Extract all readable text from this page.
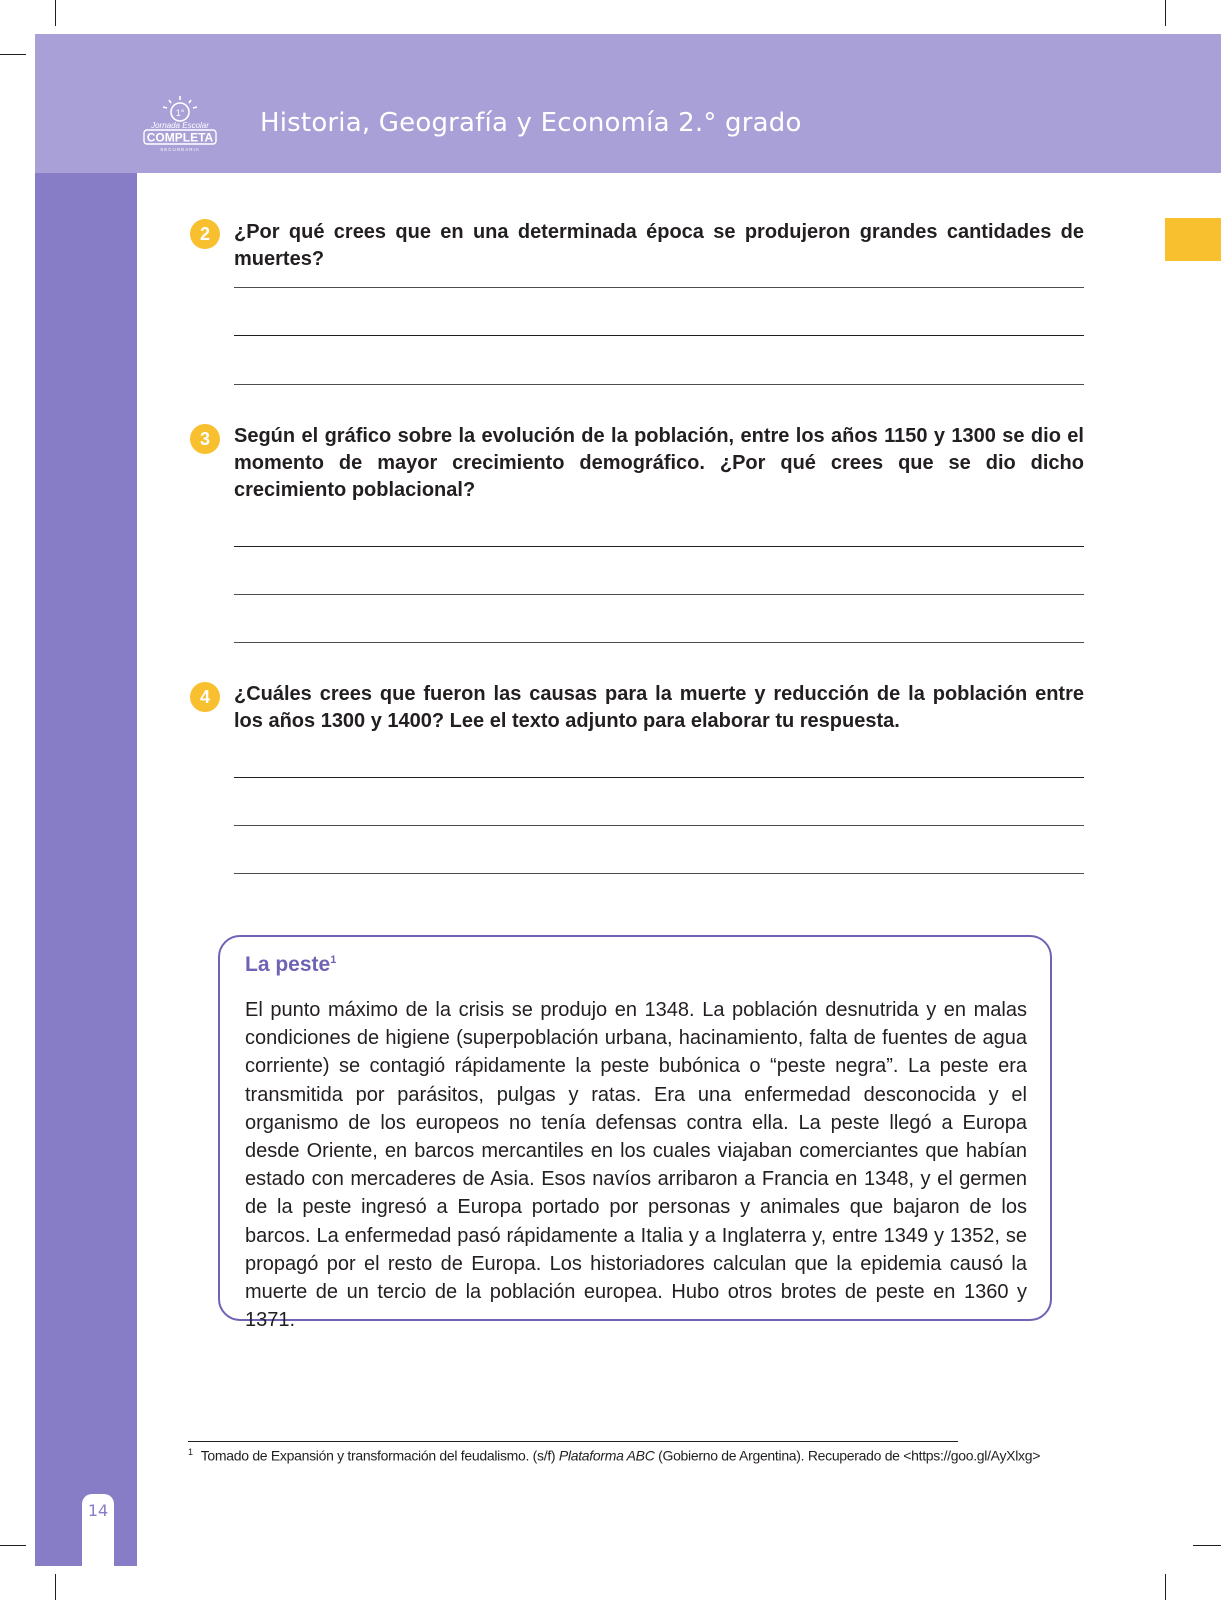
1°
Jornada Escolar
COMPLETA
SECUNDARIA
Historia, Geografía y Economía 2.° grado
14
2	¿Por qué crees que en una determinada época se produjeron grandes cantidades de muertes?
3	Según el gráfico sobre la evolución de la población, entre los años 1150 y 1300 se dio el momento de mayor crecimiento demográfico. ¿Por qué crees que se dio dicho crecimiento poblacional?
4	¿Cuáles crees que fueron las causas para la muerte y reducción de la población entre los años 1300 y 1400? Lee el texto adjunto para elaborar tu respuesta.
La peste$^1$
El punto máximo de la crisis se produjo en 1348. La población desnutrida y en malas condiciones de higiene (superpoblación urbana, hacinamiento, falta de fuentes de agua corriente) se contagió rápidamente la peste bubónica o “peste negra”. La peste era transmitida por parásitos, pulgas y ratas. Era una enfermedad desconocida y el organismo de los europeos no tenía defensas contra ella. La peste llegó a Europa desde Oriente, en barcos mercantiles en los cuales viajaban comerciantes que habían estado con mercaderes de Asia. Esos navíos arribaron a Francia en 1348, y el germen de la peste ingresó a Europa portado por personas y animales que bajaron de los barcos. La enfermedad pasó rápidamente a Italia y a Inglaterra y, entre 1349 y 1352, se propagó por el resto de Europa. Los historiadores calculan que la epidemia causó la muerte de un tercio de la población europea. Hubo otros brotes de peste en 1360 y 1371.
$^1$ Tomado de Expansión y transformación del feudalismo. (s/f) Plataforma ABC (Gobierno de Argentina). Recuperado de <https://goo.gl/AyXlxg>
